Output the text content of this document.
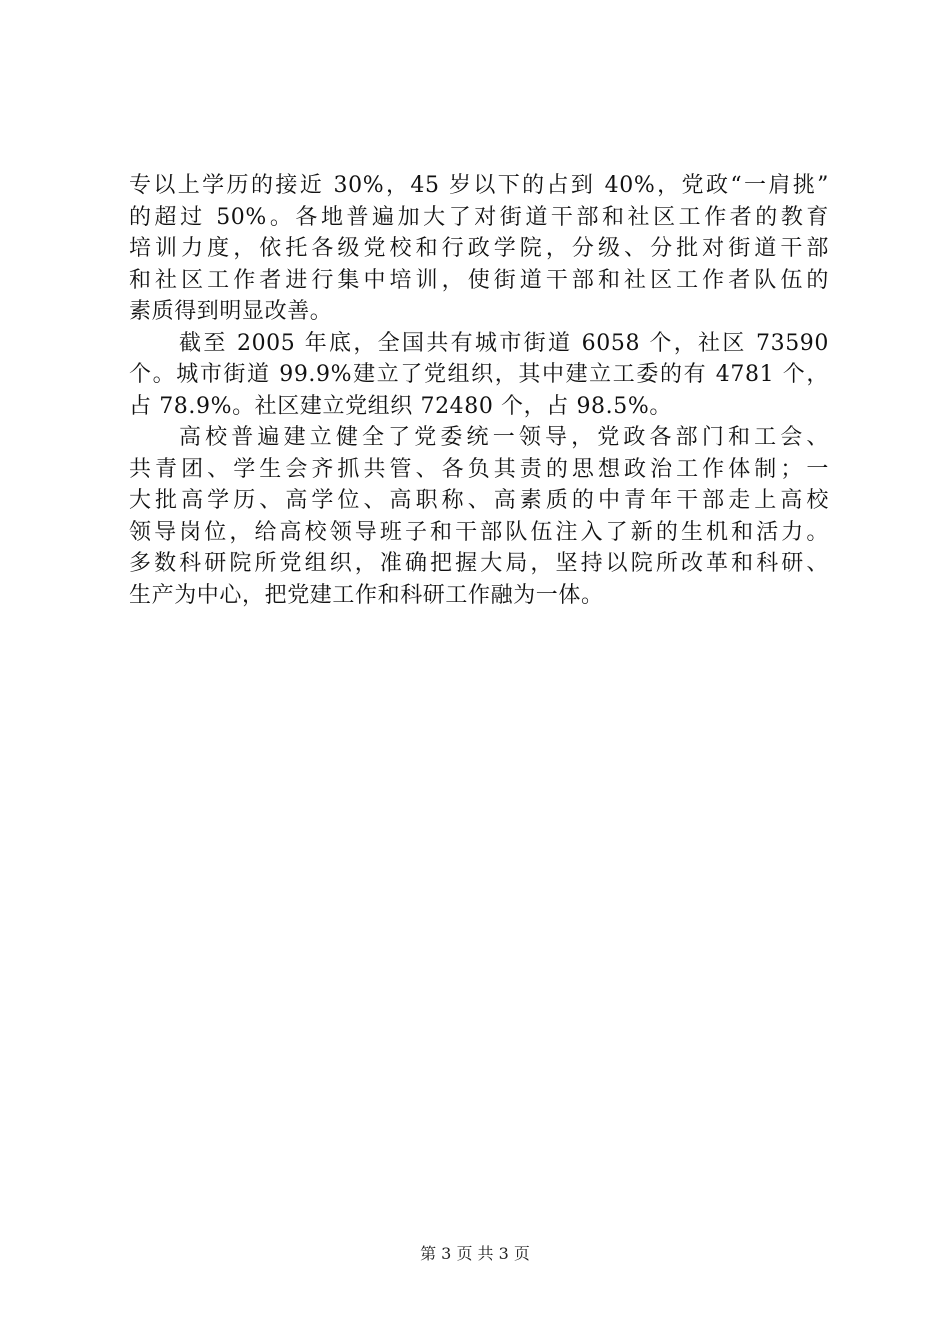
专以上学历的接近 30%，45 岁以下的占到 40%，党政“一肩挑”
的超过 50%。各地普遍加大了对街道干部和社区工作者的教育
培训力度，依托各级党校和行政学院，分级、分批对街道干部
和社区工作者进行集中培训，使街道干部和社区工作者队伍的
素质得到明显改善。
截至 2005 年底，全国共有城市街道 6058 个，社区 73590
个。城市街道 99.9%建立了党组织，其中建立工委的有 4781 个，
占 78.9%。社区建立党组织 72480 个，占 98.5%。
高校普遍建立健全了党委统一领导，党政各部门和工会、
共青团、学生会齐抓共管、各负其责的思想政治工作体制；一
大批高学历、高学位、高职称、高素质的中青年干部走上高校
领导岗位，给高校领导班子和干部队伍注入了新的生机和活力。
多数科研院所党组织，准确把握大局，坚持以院所改革和科研、
生产为中心，把党建工作和科研工作融为一体。
第 3 页 共 3 页
